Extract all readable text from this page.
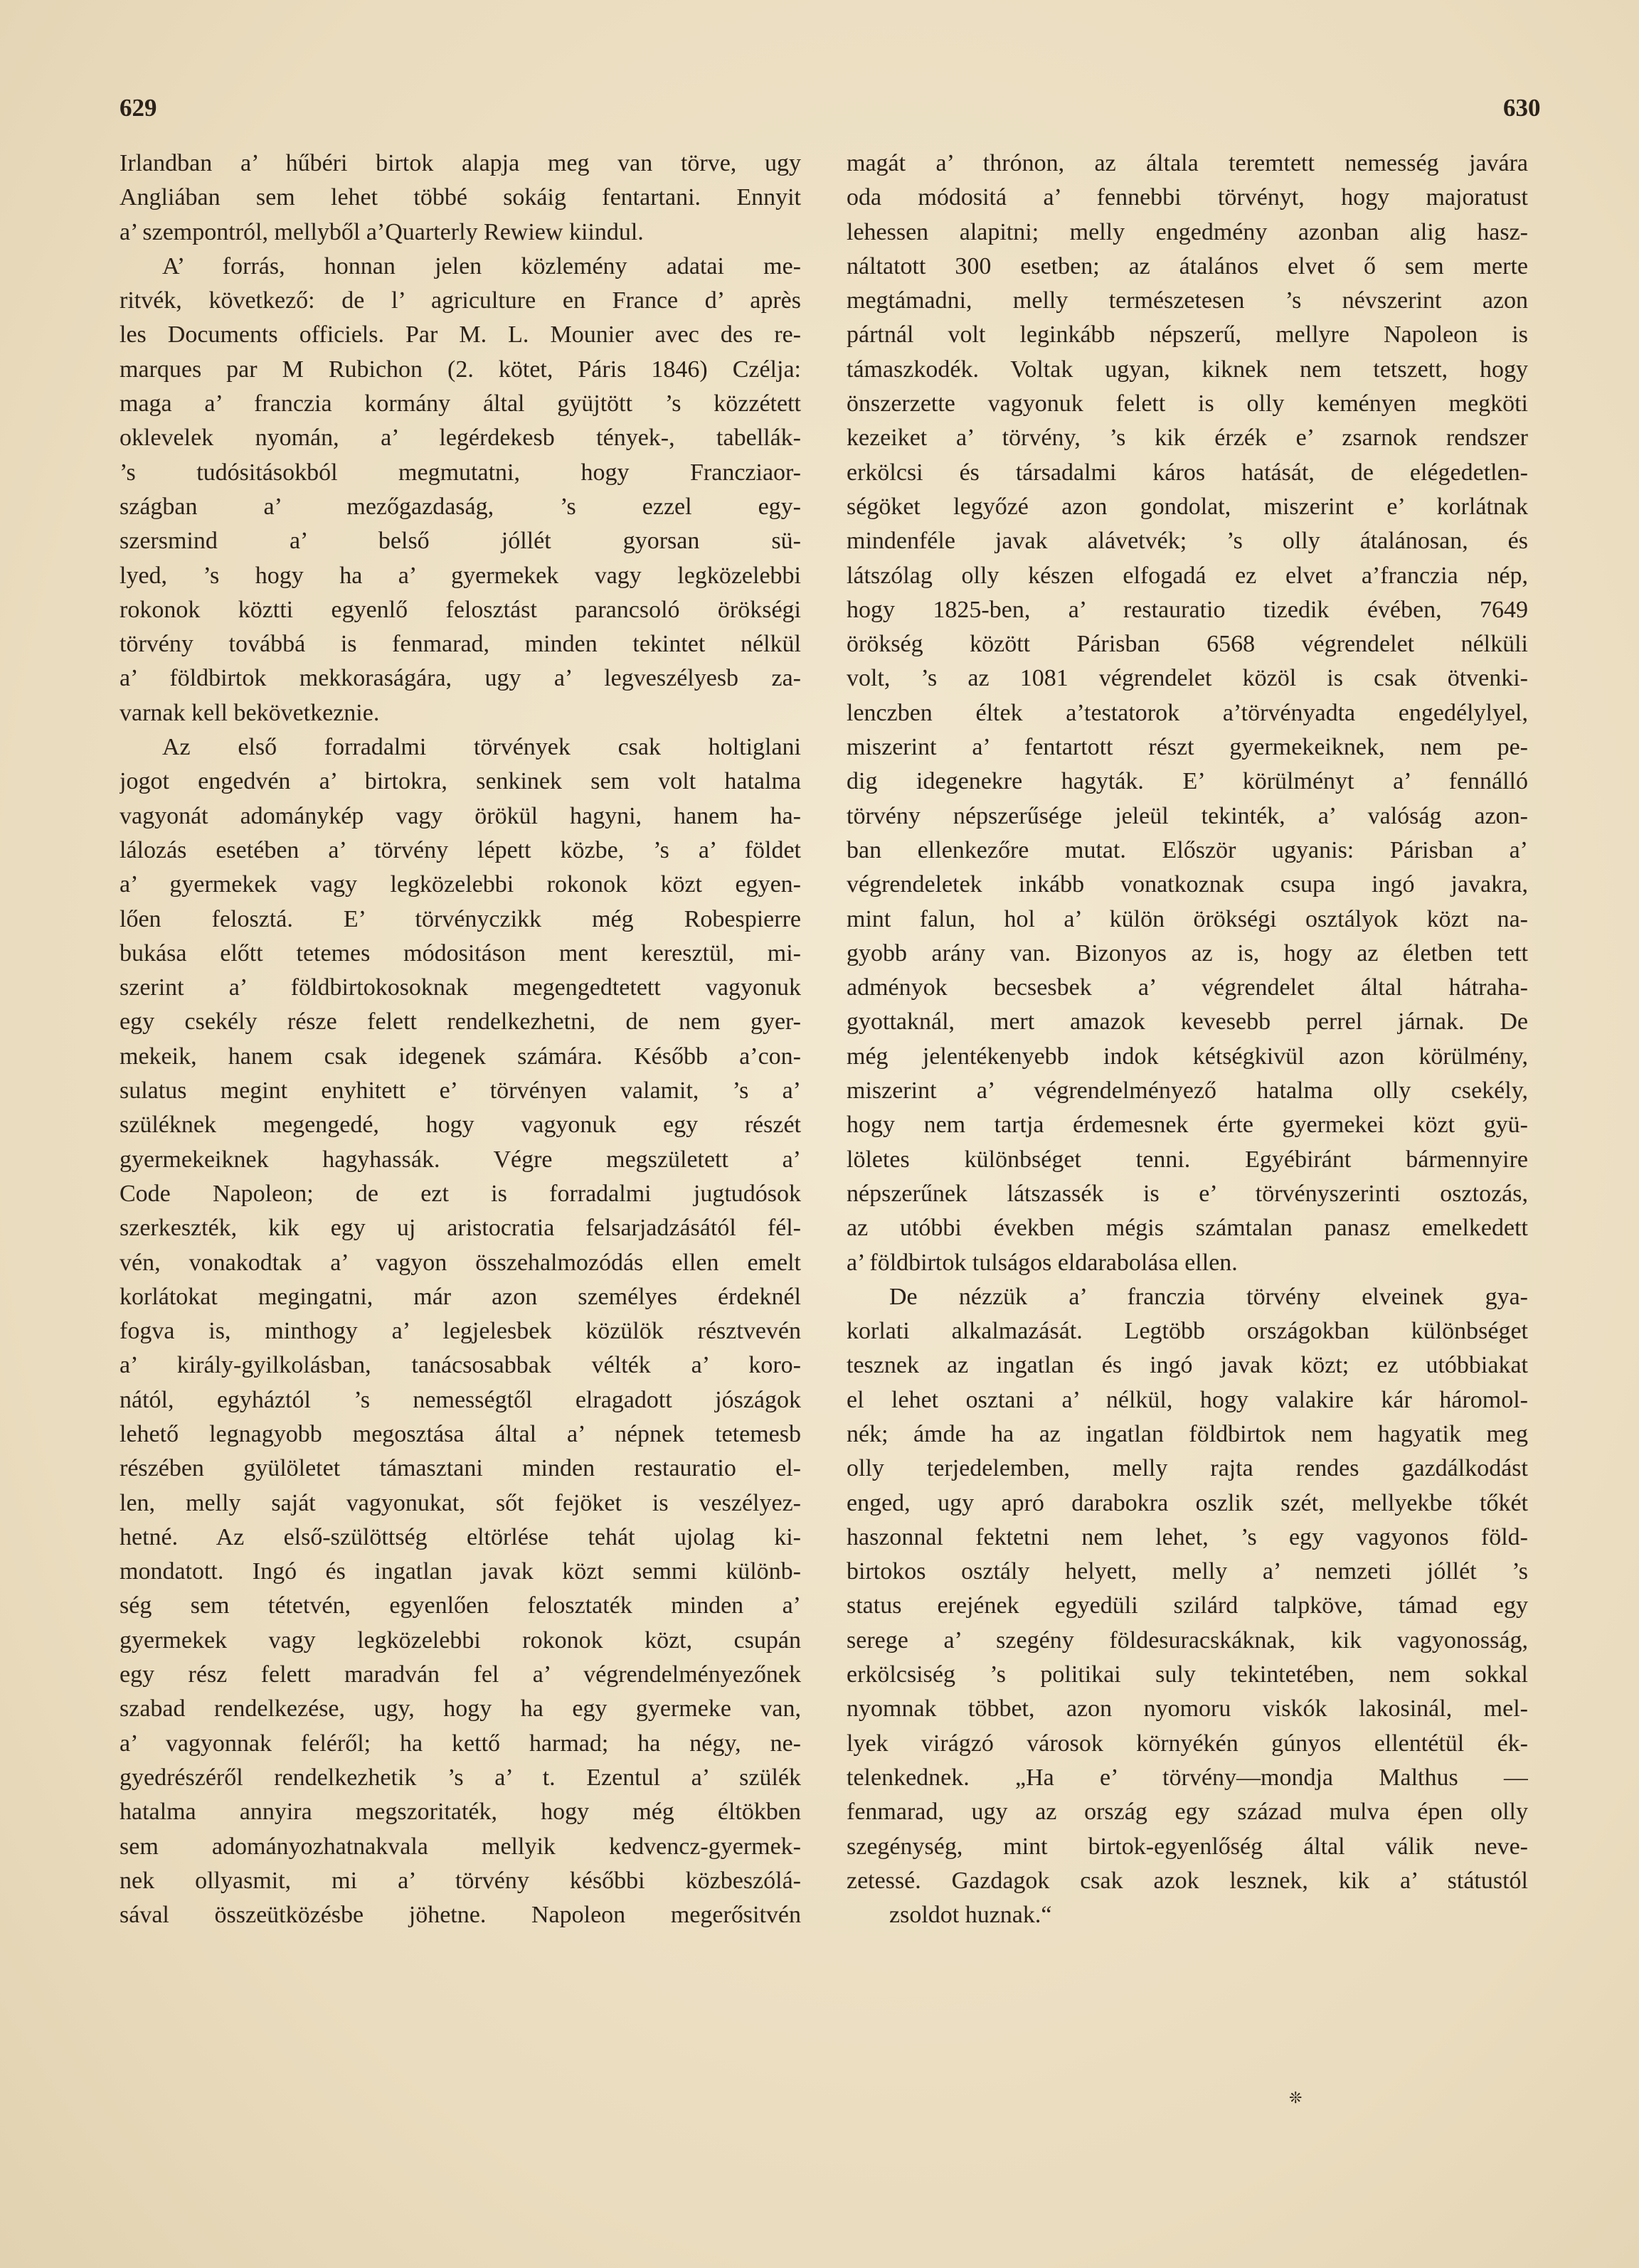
629	630
Irlandban a’ hűbéri birtok alapja meg van törve, ugy
Angliában sem lehet többé sokáig fentartani. Ennyit
a’ szempontról, mellyből a’Quarterly Rewiew kiindul.
A’ forrás, honnan jelen közlemény adatai me-
ritvék, következő: de l’ agriculture en France d’ après
les Documents officiels. Par M. L. Mounier avec des re-
marques par M Rubichon (2. kötet, Páris 1846) Czélja:
maga a’ franczia kormány által gyüjtött ’s közzétett
oklevelek nyomán, a’ legérdekesb tények-, tabellák-
’s tudósitásokból megmutatni, hogy Francziaor-
szágban a’ mezőgazdaság, ’s ezzel egy-
szersmind a’ belső jóllét gyorsan sü-
lyed, ’s hogy ha a’ gyermekek vagy legközelebbi
rokonok köztti egyenlő felosztást parancsoló örökségi
törvény továbbá is fenmarad, minden tekintet nélkül
a’ földbirtok mekkoraságára, ugy a’ legveszélyesb za-
varnak kell bekövetkeznie.
Az első forradalmi törvények csak holtiglani
jogot engedvén a’ birtokra, senkinek sem volt hatalma
vagyonát adománykép vagy örökül hagyni, hanem ha-
lálozás esetében a’ törvény lépett közbe, ’s a’ földet
a’ gyermekek vagy legközelebbi rokonok közt egyen-
lően felosztá. E’ törvényczikk még Robespierre
bukása előtt tetemes módositáson ment keresztül, mi-
szerint a’ földbirtokosoknak megengedtetett vagyonuk
egy csekély része felett rendelkezhetni, de nem gyer-
mekeik, hanem csak idegenek számára. Később a’con-
sulatus megint enyhitett e’ törvényen valamit, ’s a’
szüléknek megengedé, hogy vagyonuk egy részét
gyermekeiknek hagyhassák. Végre megszületett a’
Code Napoleon; de ezt is forradalmi jugtudósok
szerkeszték, kik egy uj aristocratia felsarjadzásától fél-
vén, vonakodtak a’ vagyon összehalmozódás ellen emelt
korlátokat megingatni, már azon személyes érdeknél
fogva is, minthogy a’ legjelesbek közülök résztvevén
a’ király-gyilkolásban, tanácsosabbak vélték a’ koro-
nától, egyháztól ’s nemességtől elragadott jószágok
lehető legnagyobb megosztása által a’ népnek tetemesb
részében gyülöletet támasztani minden restauratio el-
len, melly saját vagyonukat, sőt fejöket is veszélyez-
hetné. Az első-szülöttség eltörlése tehát ujolag ki-
mondatott. Ingó és ingatlan javak közt semmi különb-
ség sem tétetvén, egyenlően felosztaték minden a’
gyermekek vagy legközelebbi rokonok közt, csupán
egy rész felett maradván fel a’ végrendelményezőnek
szabad rendelkezése, ugy, hogy ha egy gyermeke van,
a’ vagyonnak feléről; ha kettő harmad; ha négy, ne-
gyedrészéről rendelkezhetik ’s a’ t. Ezentul a’ szülék
hatalma annyira megszoritaték, hogy még éltökben
sem adományozhatnakvala mellyik kedvencz-gyermek-
nek ollyasmit, mi a’ törvény későbbi közbeszólá-
sával összeütközésbe jöhetne. Napoleon megerősitvén
magát a’ thrónon, az általa teremtett nemesség javára
oda módositá a’ fennebbi törvényt, hogy majoratust
lehessen alapitni; melly engedmény azonban alig hasz-
náltatott 300 esetben; az átalános elvet ő sem merte
megtámadni, melly természetesen ’s névszerint azon
pártnál volt leginkább népszerű, mellyre Napoleon is
támaszkodék. Voltak ugyan, kiknek nem tetszett, hogy
önszerzette vagyonuk felett is olly keményen megköti
kezeiket a’ törvény, ’s kik érzék e’ zsarnok rendszer
erkölcsi és társadalmi káros hatását, de elégedetlen-
ségöket legyőzé azon gondolat, miszerint e’ korlátnak
mindenféle javak alávetvék; ’s olly átalánosan, és
látszólag olly készen elfogadá ez elvet a’franczia nép,
hogy 1825-ben, a’ restauratio tizedik évében, 7649
örökség között Párisban 6568 végrendelet nélküli
volt, ’s az 1081 végrendelet közöl is csak ötvenki-
lenczben éltek a’testatorok a’törvényadta engedélylyel,
miszerint a’ fentartott részt gyermekeiknek, nem pe-
dig idegenekre hagyták. E’ körülményt a’ fennálló
törvény népszerűsége jeleül tekinték, a’ valóság azon-
ban ellenkezőre mutat. Először ugyanis: Párisban a’
végrendeletek inkább vonatkoznak csupa ingó javakra,
mint falun, hol a’ külön örökségi osztályok közt na-
gyobb arány van. Bizonyos az is, hogy az életben tett
adményok becsesbek a’ végrendelet által hátraha-
gyottaknál, mert amazok kevesebb perrel járnak. De
még jelentékenyebb indok kétségkivül azon körülmény,
miszerint a’ végrendelményező hatalma olly csekély,
hogy nem tartja érdemesnek érte gyermekei közt gyü-
löletes különbséget tenni. Egyébiránt bármennyire
népszerűnek látszassék is e’ törvényszerinti osztozás,
az utóbbi években mégis számtalan panasz emelkedett
a’ földbirtok tulságos eldarabolása ellen.
De nézzük a’ franczia törvény elveinek gya-
korlati alkalmazását. Legtöbb országokban különbséget
tesznek az ingatlan és ingó javak közt; ez utóbbiakat
el lehet osztani a’ nélkül, hogy valakire kár háromol-
nék; ámde ha az ingatlan földbirtok nem hagyatik meg
olly terjedelemben, melly rajta rendes gazdálkodást
enged, ugy apró darabokra oszlik szét, mellyekbe tőkét
haszonnal fektetni nem lehet, ’s egy vagyonos föld-
birtokos osztály helyett, melly a’ nemzeti jóllét ’s
status erejének egyedüli szilárd talpköve, támad egy
serege a’ szegény földesuracskáknak, kik vagyonosság,
erkölcsiség ’s politikai suly tekintetében, nem sokkal
nyomnak többet, azon nyomoru viskók lakosinál, mel-
lyek virágzó városok környékén gúnyos ellentétül ék-
telenkednek. „Ha e’ törvény—mondja Malthus —
fenmarad, ugy az ország egy század mulva épen olly
szegénység, mint birtok-egyenlőség által válik neve-
zetessé. Gazdagok csak azok lesznek, kik a’ státustól
zsoldot huznak.“
❊
